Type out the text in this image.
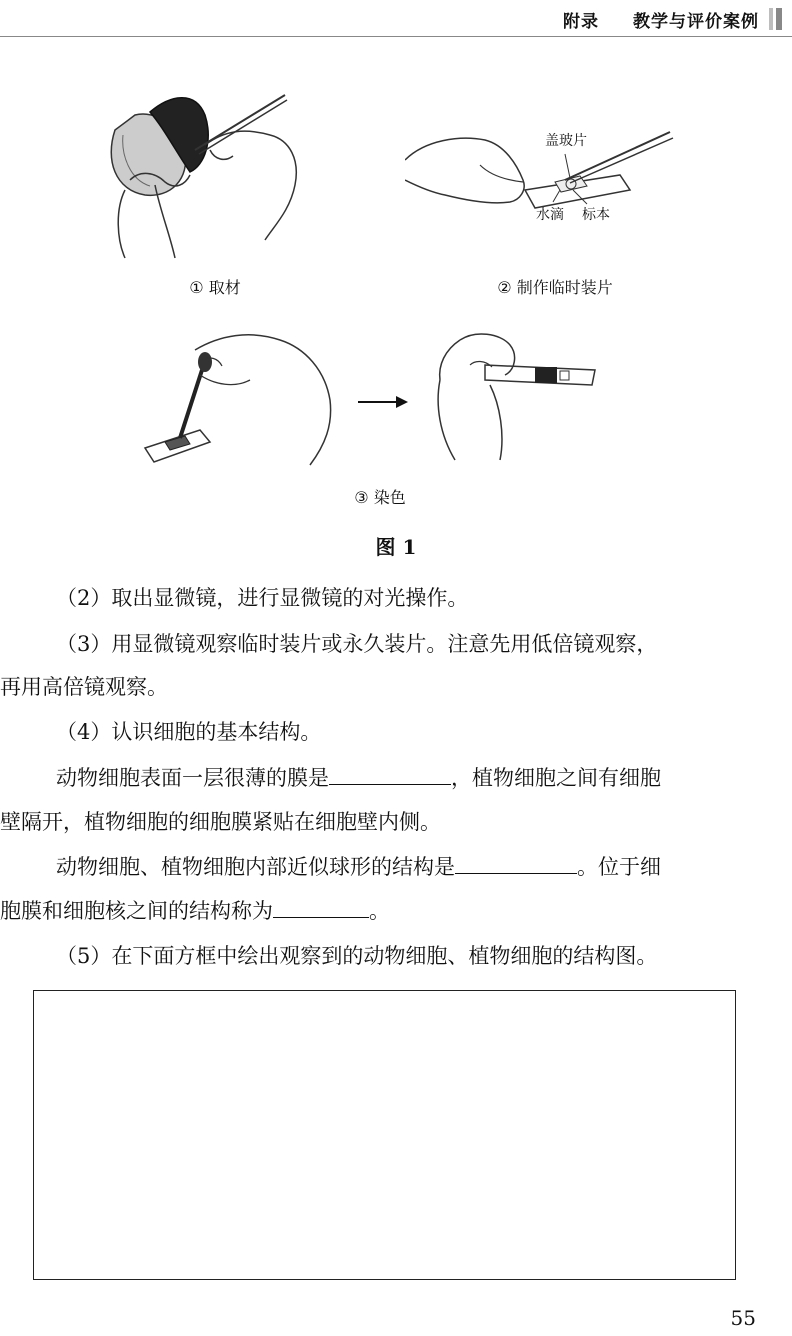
附录 教学与评价案例
① 取材
盖玻片
水滴 标本
② 制作临时装片
③ 染色
图 1
（2）取出显微镜，进行显微镜的对光操作。
（3）用显微镜观察临时装片或永久装片。注意先用低倍镜观察，
再用高倍镜观察。
（4）认识细胞的基本结构。
动物细胞表面一层很薄的膜是	，植物细胞之间有细胞
壁隔开，植物细胞的细胞膜紧贴在细胞壁内侧。
动物细胞、植物细胞内部近似球形的结构是	。位于细
胞膜和细胞核之间的结构称为	。
（5）在下面方框中绘出观察到的动物细胞、植物细胞的结构图。
55
